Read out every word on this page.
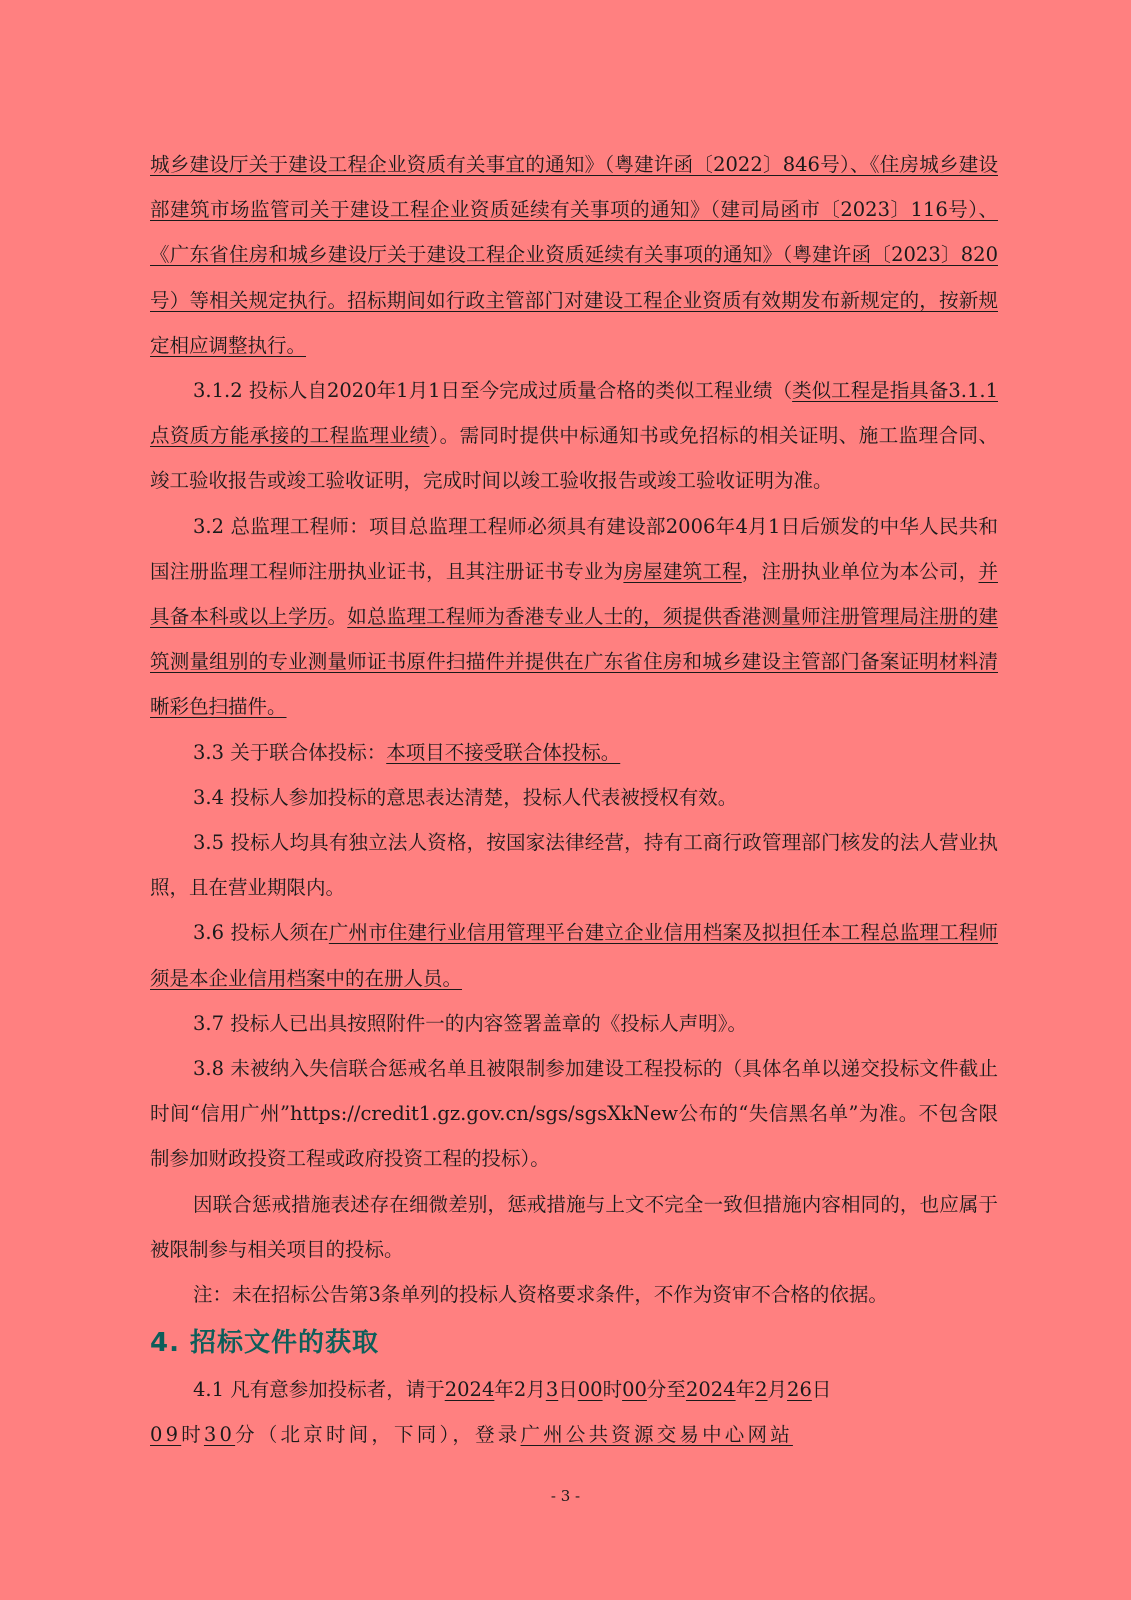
城乡建设厅关于建设工程企业资质有关事宜的通知》（粤建许函〔2022〕846号）、《住房城乡建设部建筑市场监管司关于建设工程企业资质延续有关事项的通知》（建司局函市〔2023〕116号）、《广东省住房和城乡建设厅关于建设工程企业资质延续有关事项的通知》（粤建许函〔2023〕820号）等相关规定执行。招标期间如行政主管部门对建设工程企业资质有效期发布新规定的，按新规定相应调整执行。

3.1.2 投标人自2020年1月1日至今完成过质量合格的类似工程业绩（类似工程是指具备3.1.1点资质方能承接的工程监理业绩）。需同时提供中标通知书或免招标的相关证明、施工监理合同、竣工验收报告或竣工验收证明，完成时间以竣工验收报告或竣工验收证明为准。

3.2 总监理工程师：项目总监理工程师必须具有建设部2006年4月1日后颁发的中华人民共和国注册监理工程师注册执业证书，且其注册证书专业为房屋建筑工程，注册执业单位为本公司，并具备本科或以上学历。如总监理工程师为香港专业人士的，须提供香港测量师注册管理局注册的建筑测量组别的专业测量师证书原件扫描件并提供在广东省住房和城乡建设主管部门备案证明材料清晰彩色扫描件。

3.3 关于联合体投标：本项目不接受联合体投标。

3.4 投标人参加投标的意思表达清楚，投标人代表被授权有效。

3.5 投标人均具有独立法人资格，按国家法律经营，持有工商行政管理部门核发的法人营业执照，且在营业期限内。

3.6 投标人须在广州市住建行业信用管理平台建立企业信用档案及拟担任本工程总监理工程师须是本企业信用档案中的在册人员。

3.7 投标人已出具按照附件一的内容签署盖章的《投标人声明》。

3.8 未被纳入失信联合惩戒名单且被限制参加建设工程投标的（具体名单以递交投标文件截止时间“信用广州”https://credit1.gz.gov.cn/sgs/sgsXkNew公布的“失信黑名单”为准。不包含限制参加财政投资工程或政府投资工程的投标）。

因联合惩戒措施表述存在细微差别，惩戒措施与上文不完全一致但措施内容相同的，也应属于被限制参与相关项目的投标。

注：未在招标公告第3条单列的投标人资格要求条件，不作为资审不合格的依据。

4. 招标文件的获取

4.1 凡有意参加投标者，请于2024年2月3日00时00分至2024年2月26日
09时30分（北京时间，下同），登录广州公共资源交易中心网站

- 3 -
